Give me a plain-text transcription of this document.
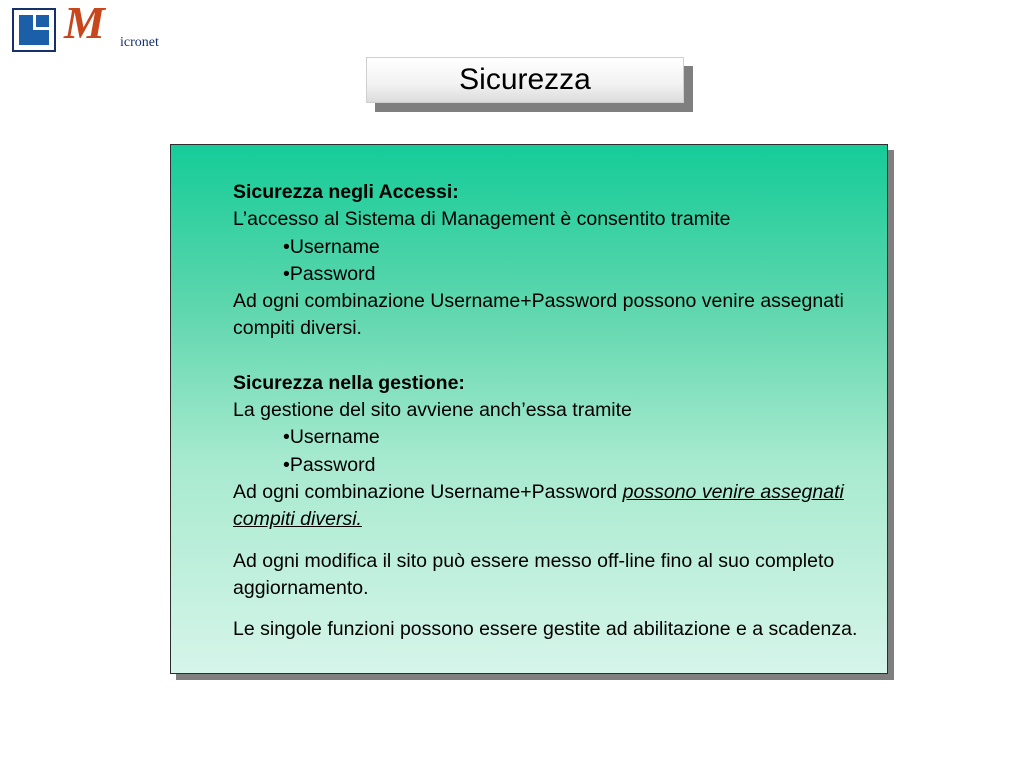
M icronet
Sicurezza

Sicurezza negli Accessi:

L’accesso al Sistema di Management è consentito tramite

•Username

•Password

Ad ogni combinazione Username+Password possono venire assegnati compiti diversi.

Sicurezza nella gestione:

La gestione del sito avviene anch’essa tramite

•Username

•Password

Ad ogni combinazione Username+Password possono venire assegnati compiti diversi.

Ad ogni modifica il sito può essere messo off-line fino al suo completo aggiornamento.

Le singole funzioni possono essere gestite ad abilitazione e a scadenza.
